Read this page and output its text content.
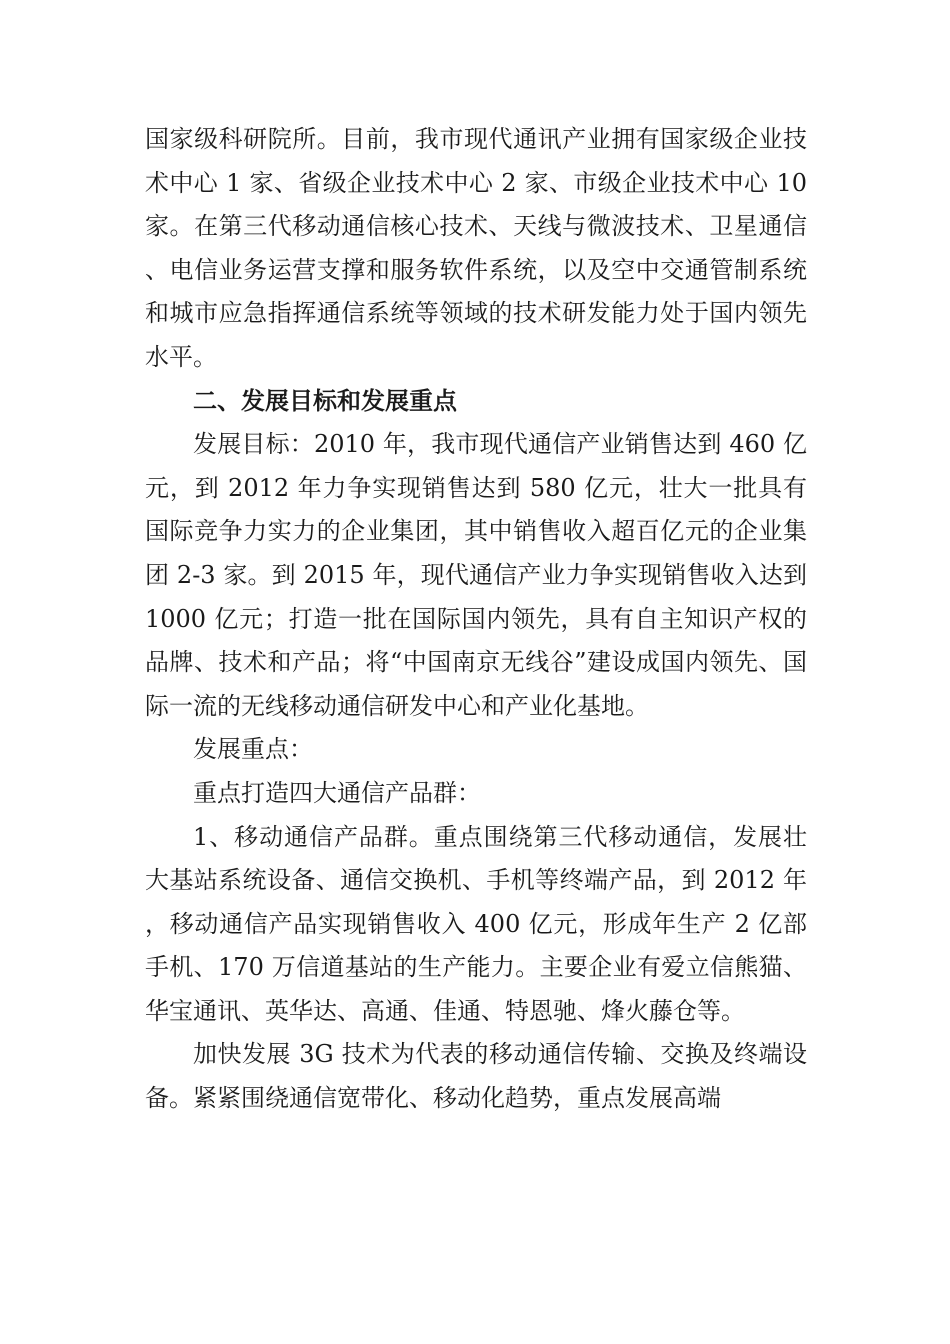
国家级科研院所。目前，我市现代通讯产业拥有国家级企业技术中心 1 家、省级企业技术中心 2 家、市级企业技术中心 10 家。在第三代移动通信核心技术、天线与微波技术、卫星通信、电信业务运营支撑和服务软件系统，以及空中交通管制系统和城市应急指挥通信系统等领域的技术研发能力处于国内领先水平。

二、发展目标和发展重点

发展目标：2010 年，我市现代通信产业销售达到 460 亿元，到 2012 年力争实现销售达到 580 亿元，壮大一批具有国际竞争力实力的企业集团，其中销售收入超百亿元的企业集团 2-3 家。到 2015 年，现代通信产业力争实现销售收入达到 1000 亿元；打造一批在国际国内领先，具有自主知识产权的品牌、技术和产品；将“中国南京无线谷”建设成国内领先、国际一流的无线移动通信研发中心和产业化基地。

发展重点：

重点打造四大通信产品群：

1、移动通信产品群。重点围绕第三代移动通信，发展壮大基站系统设备、通信交换机、手机等终端产品，到 2012 年，移动通信产品实现销售收入 400 亿元，形成年生产 2 亿部手机、170 万信道基站的生产能力。主要企业有爱立信熊猫、华宝通讯、英华达、高通、佳通、特恩驰、烽火藤仓等。

加快发展 3G 技术为代表的移动通信传输、交换及终端设备。紧紧围绕通信宽带化、移动化趋势，重点发展高端
